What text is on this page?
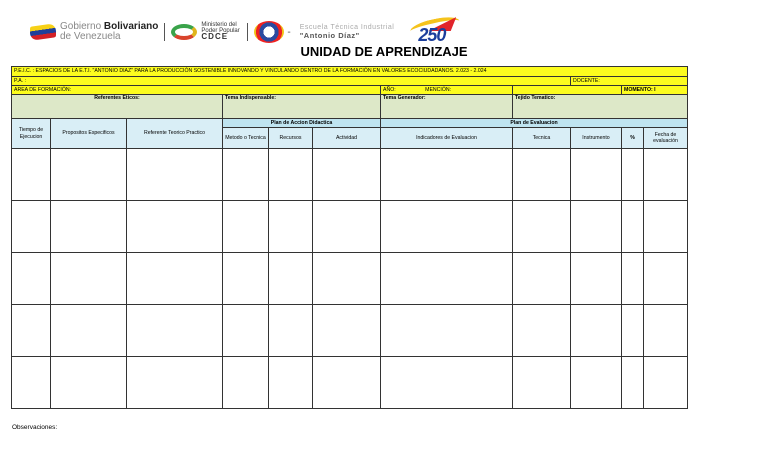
Gobierno Bolivariano
de Venezuela
Ministerio del Poder Popular
CDCE	- Escuela Técnica Industrial
"Antonio Díaz"	250
UNIDAD DE APRENDIZAJE
P.E.I.C. : ESPACIOS DE LA E.T.I. "ANTONIO DIAZ" PARA LA PRODUCCIÓN SOSTENIBLE INNOVANDO Y VINCULANDO DENTRO DE LA FORMACIÓN EN VALORES ECOCIUDADANOS. 2.023 - 2.024										
P.A. :								DOCENTE:		
AREA DE FORMACIÓN:						AÑO: MENCIÓN:			MOMENTO: I	
Referentes Eticos:			Tema Indispensable:			Tema Generador:	Tejido Tematico:			
Tiempo de Ejecucion	Propositos Especificos	Referente Teorico Practico	Plan de Accion Didactica			Plan de Evaluacion				
			Metodo o Tecnica	Recursos	Actividad	Indicadores de Evaluacion	Tecnica	Instrumento	%	Fecha de evaluación

Observaciones:
